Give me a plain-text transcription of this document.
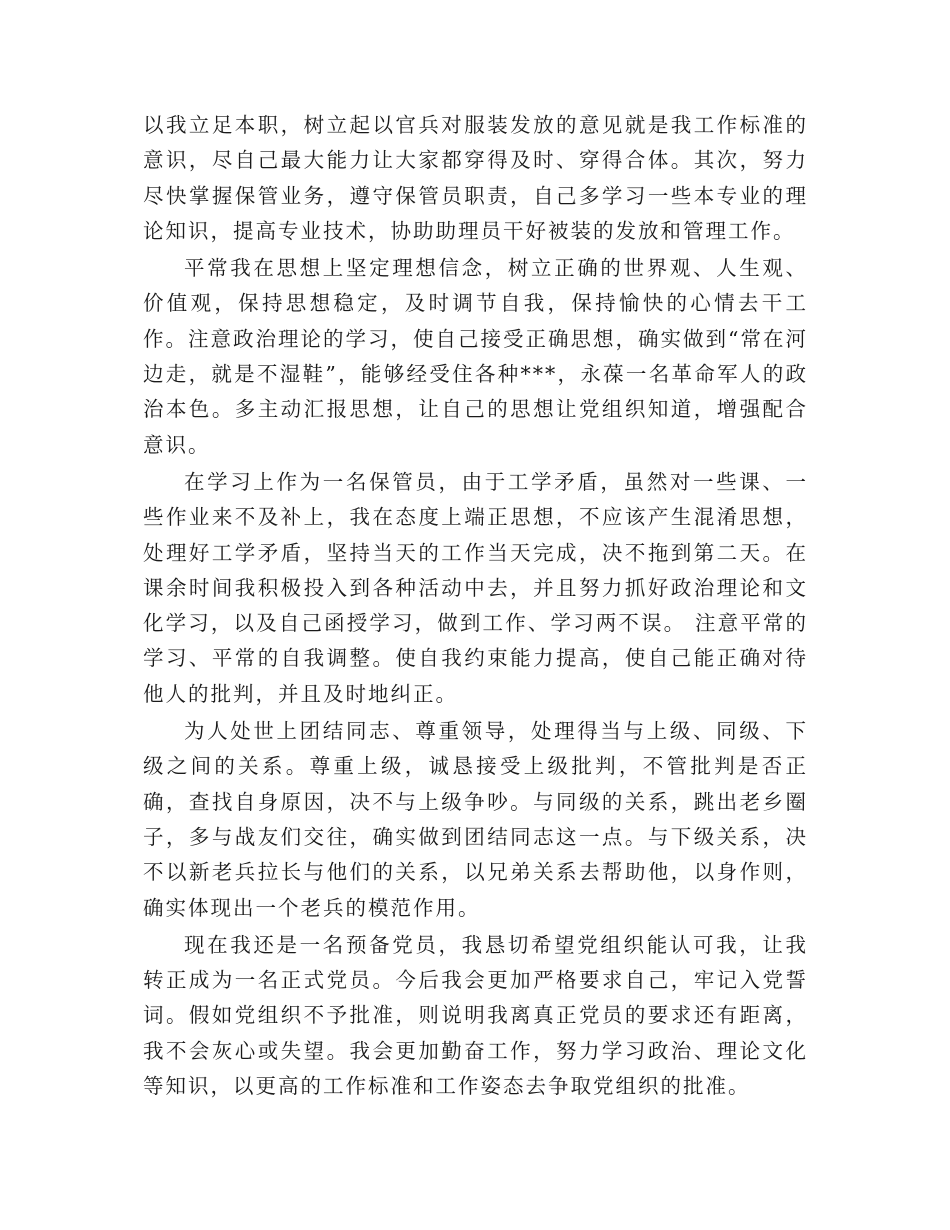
以我立足本职，树立起以官兵对服装发放的意见就是我工作标准的意识，尽自己最大能力让大家都穿得及时、穿得合体。其次，努力尽快掌握保管业务，遵守保管员职责，自己多学习一些本专业的理论知识，提高专业技术，协助助理员干好被装的发放和管理工作。

平常我在思想上坚定理想信念，树立正确的世界观、人生观、价值观，保持思想稳定，及时调节自我，保持愉快的心情去干工作。注意政治理论的学习，使自己接受正确思想，确实做到“常在河边走，就是不湿鞋”，能够经受住各种***，永葆一名革命军人的政治本色。多主动汇报思想，让自己的思想让党组织知道，增强配合意识。

在学习上作为一名保管员，由于工学矛盾，虽然对一些课、一些作业来不及补上，我在态度上端正思想，不应该产生混淆思想，处理好工学矛盾，坚持当天的工作当天完成，决不拖到第二天。在课余时间我积极投入到各种活动中去，并且努力抓好政治理论和文化学习，以及自己函授学习，做到工作、学习两不误。 注意平常的学习、平常的自我调整。使自我约束能力提高，使自己能正确对待他人的批判，并且及时地纠正。

为人处世上团结同志、尊重领导，处理得当与上级、同级、下级之间的关系。尊重上级，诚恳接受上级批判，不管批判是否正确，查找自身原因，决不与上级争吵。与同级的关系，跳出老乡圈子，多与战友们交往，确实做到团结同志这一点。与下级关系，决不以新老兵拉长与他们的关系，以兄弟关系去帮助他，以身作则，确实体现出一个老兵的模范作用。

现在我还是一名预备党员，我恳切希望党组织能认可我，让我转正成为一名正式党员。今后我会更加严格要求自己，牢记入党誓词。假如党组织不予批准，则说明我离真正党员的要求还有距离，我不会灰心或失望。我会更加勤奋工作，努力学习政治、理论文化等知识，以更高的工作标准和工作姿态去争取党组织的批准。
